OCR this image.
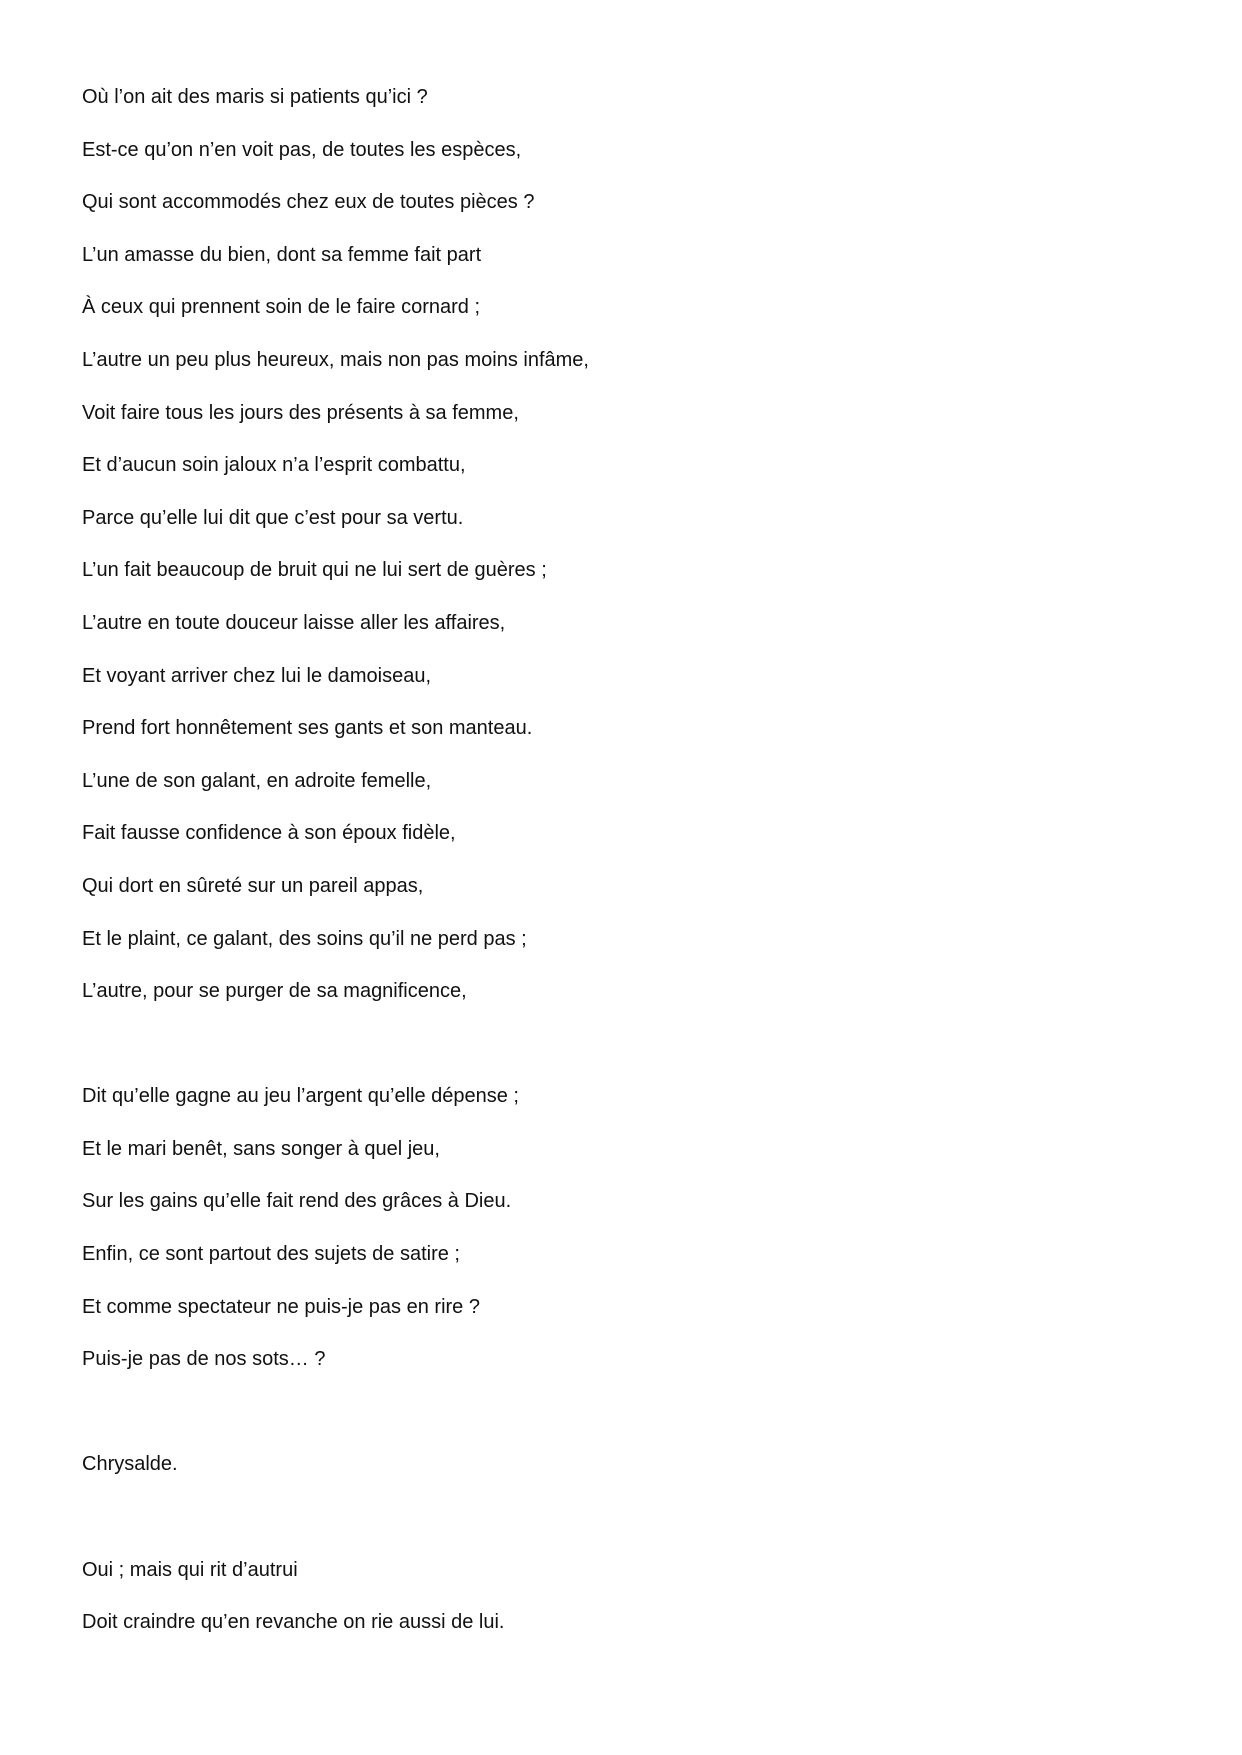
Où l’on ait des maris si patients qu’ici ?
Est-ce qu’on n’en voit pas, de toutes les espèces,
Qui sont accommodés chez eux de toutes pièces ?
L’un amasse du bien, dont sa femme fait part
À ceux qui prennent soin de le faire cornard ;
L’autre un peu plus heureux, mais non pas moins infâme,
Voit faire tous les jours des présents à sa femme,
Et d’aucun soin jaloux n’a l’esprit combattu,
Parce qu’elle lui dit que c’est pour sa vertu.
L’un fait beaucoup de bruit qui ne lui sert de guères ;
L’autre en toute douceur laisse aller les affaires,
Et voyant arriver chez lui le damoiseau,
Prend fort honnêtement ses gants et son manteau.
L’une de son galant, en adroite femelle,
Fait fausse confidence à son époux fidèle,
Qui dort en sûreté sur un pareil appas,
Et le plaint, ce galant, des soins qu’il ne perd pas ;
L’autre, pour se purger de sa magnificence,
Dit qu’elle gagne au jeu l’argent qu’elle dépense ;
Et le mari benêt, sans songer à quel jeu,
Sur les gains qu’elle fait rend des grâces à Dieu.
Enfin, ce sont partout des sujets de satire ;
Et comme spectateur ne puis-je pas en rire ?
Puis-je pas de nos sots… ?
Chrysalde.
Oui ; mais qui rit d’autrui
Doit craindre qu’en revanche on rie aussi de lui.
